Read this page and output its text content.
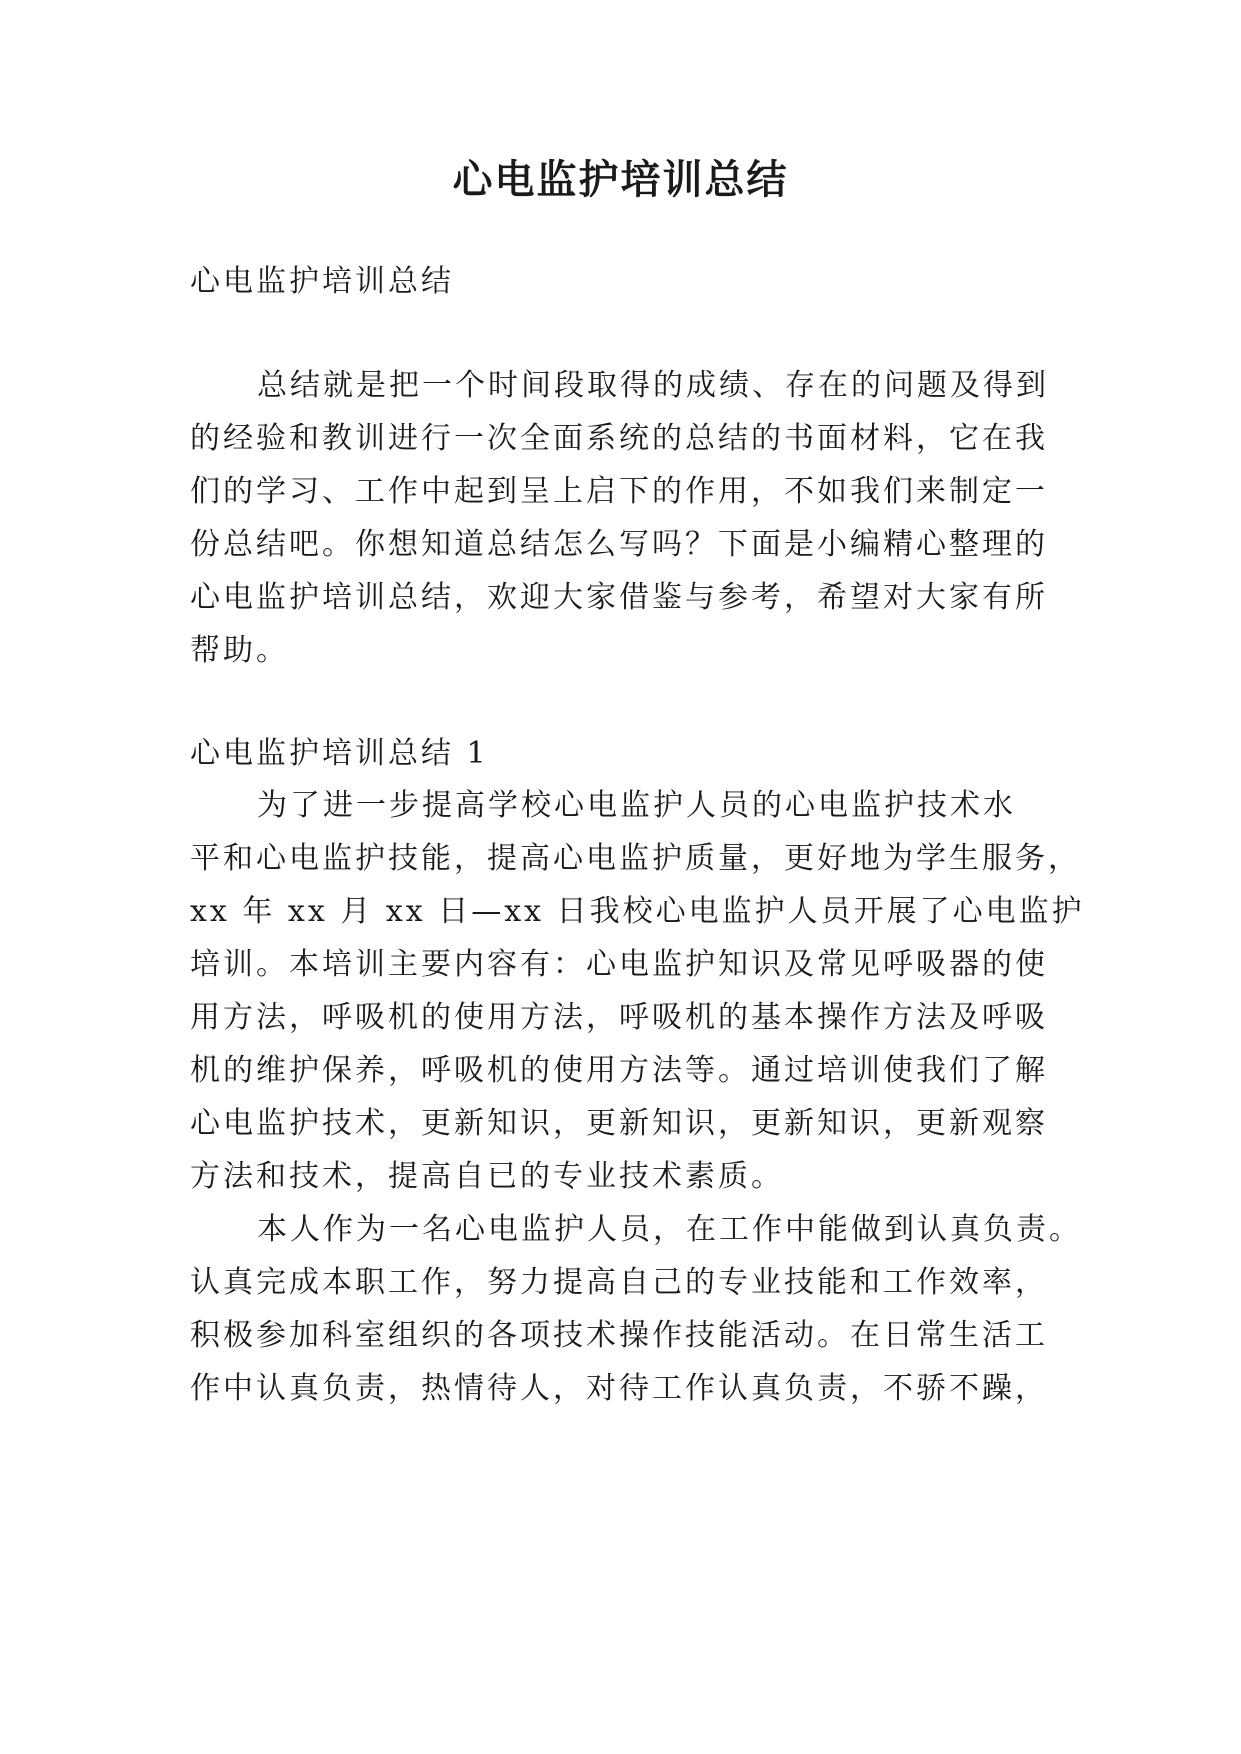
心电监护培训总结

心电监护培训总结

总结就是把一个时间段取得的成绩、存在的问题及得到

的经验和教训进行一次全面系统的总结的书面材料，它在我

们的学习、工作中起到呈上启下的作用，不如我们来制定一

份总结吧。你想知道总结怎么写吗？下面是小编精心整理的

心电监护培训总结，欢迎大家借鉴与参考，希望对大家有所

帮助。

心电监护培训总结 1

为了进一步提高学校心电监护人员的心电监护技术水

平和心电监护技能，提高心电监护质量，更好地为学生服务，

xx 年 xx 月 xx 日—xx 日我校心电监护人员开展了心电监护

培训。本培训主要内容有：心电监护知识及常见呼吸器的使

用方法，呼吸机的使用方法，呼吸机的基本操作方法及呼吸

机的维护保养，呼吸机的使用方法等。通过培训使我们了解

心电监护技术，更新知识，更新知识，更新知识，更新观察

方法和技术，提高自已的专业技术素质。

本人作为一名心电监护人员，在工作中能做到认真负责。

认真完成本职工作，努力提高自己的专业技能和工作效率，

积极参加科室组织的各项技术操作技能活动。在日常生活工

作中认真负责，热情待人，对待工作认真负责，不骄不躁，
